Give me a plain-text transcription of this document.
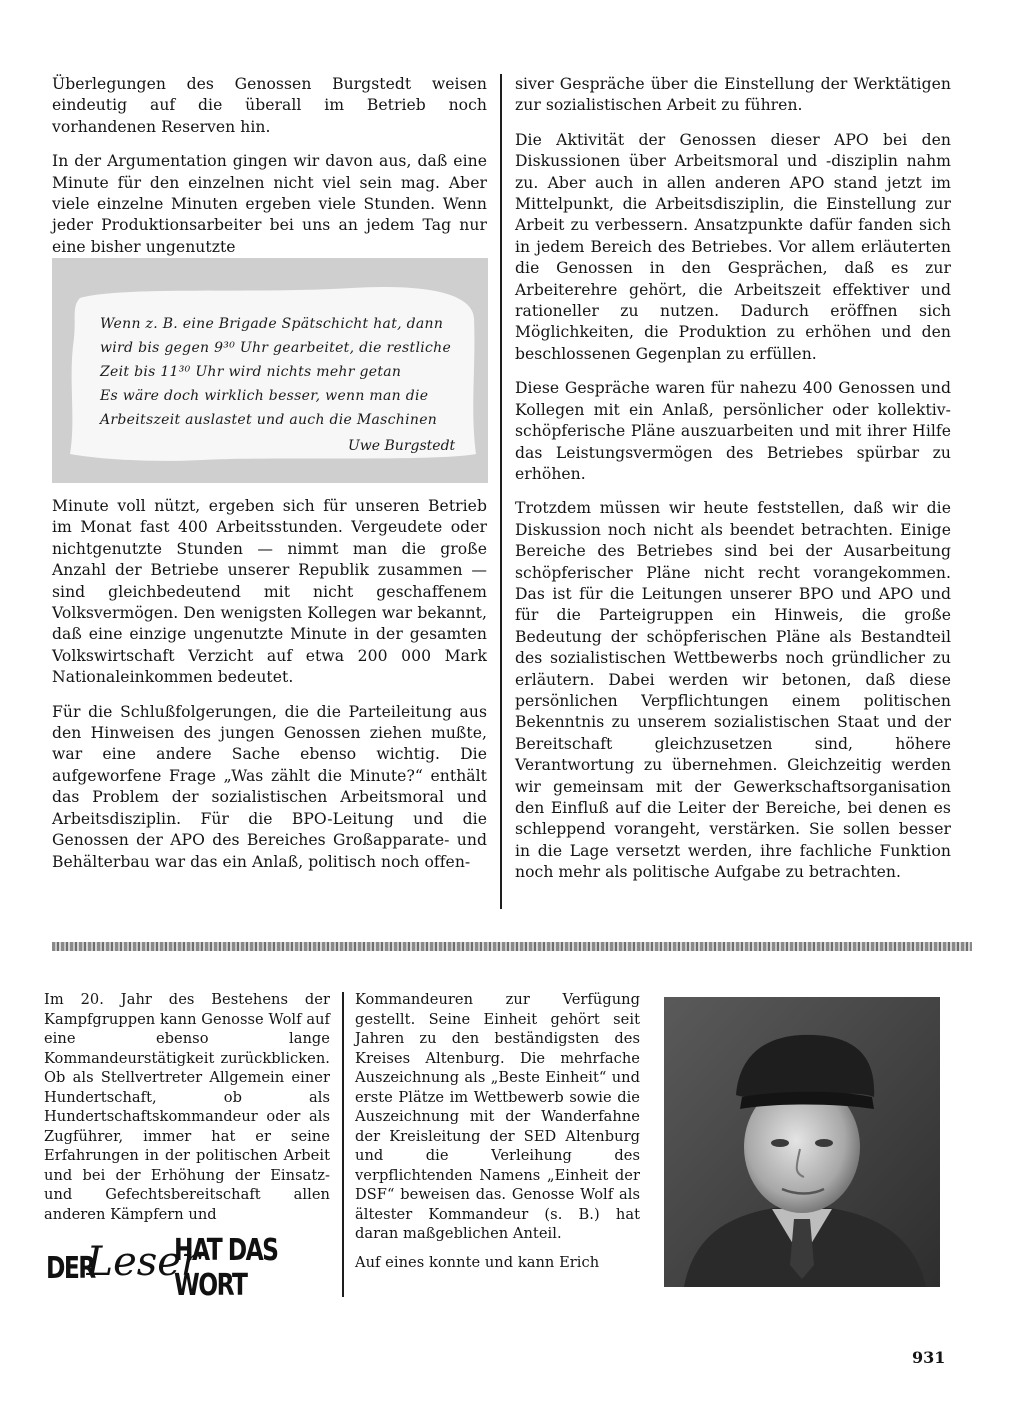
Überlegungen des Genossen Burgstedt weisen eindeutig auf die überall im Betrieb noch vorhandenen Reserven hin.

In der Argumentation gingen wir davon aus, daß eine Minute für den einzelnen nicht viel sein mag. Aber viele einzelne Minuten ergeben viele Stunden. Wenn jeder Produktionsarbeiter bei uns an jedem Tag nur eine bisher ungenutzte

Wenn z. B. eine Brigade Spätschicht hat, dann
wird bis gegen 9³⁰ Uhr gearbeitet, die restliche
Zeit bis 11³⁰ Uhr wird nichts mehr getan
Es wäre doch wirklich besser, wenn man die
Arbeitszeit auslastet und auch die Maschinen
Uwe Burgstedt

Minute voll nützt, ergeben sich für unseren Betrieb im Monat fast 400 Arbeitsstunden. Vergeudete oder nichtgenutzte Stunden — nimmt man die große Anzahl der Betriebe unserer Republik zusammen — sind gleichbedeutend mit nicht geschaffenem Volksvermögen. Den wenigsten Kollegen war bekannt, daß eine einzige ungenutzte Minute in der gesamten Volkswirtschaft Verzicht auf etwa 200 000 Mark Nationaleinkommen bedeutet.

Für die Schlußfolgerungen, die die Parteileitung aus den Hinweisen des jungen Genossen ziehen mußte, war eine andere Sache ebenso wichtig. Die aufgeworfene Frage „Was zählt die Minute?“ enthält das Problem der sozialistischen Arbeitsmoral und Arbeitsdisziplin. Für die BPO-Leitung und die Genossen der APO des Bereiches Großapparate- und Behälterbau war das ein Anlaß, politisch noch offen-

siver Gespräche über die Einstellung der Werktätigen zur sozialistischen Arbeit zu führen.

Die Aktivität der Genossen dieser APO bei den Diskussionen über Arbeitsmoral und -disziplin nahm zu. Aber auch in allen anderen APO stand jetzt im Mittelpunkt, die Arbeitsdisziplin, die Einstellung zur Arbeit zu verbessern. Ansatzpunkte dafür fanden sich in jedem Bereich des Betriebes. Vor allem erläuterten die Genossen in den Gesprächen, daß es zur Arbeiterehre gehört, die Arbeitszeit effektiver und rationeller zu nutzen. Dadurch eröffnen sich Möglichkeiten, die Produktion zu erhöhen und den beschlossenen Gegenplan zu erfüllen.

Diese Gespräche waren für nahezu 400 Genossen und Kollegen mit ein Anlaß, persönlicher oder kollektiv-schöpferische Pläne auszuarbeiten und mit ihrer Hilfe das Leistungsvermögen des Betriebes spürbar zu erhöhen.

Trotzdem müssen wir heute feststellen, daß wir die Diskussion noch nicht als beendet betrachten. Einige Bereiche des Betriebes sind bei der Ausarbeitung schöpferischer Pläne nicht recht vorangekommen. Das ist für die Leitungen unserer BPO und APO und für die Parteigruppen ein Hinweis, die große Bedeutung der schöpferischen Pläne als Bestandteil des sozialistischen Wettbewerbs noch gründlicher zu erläutern. Dabei werden wir betonen, daß diese persönlichen Verpflichtungen einem politischen Bekenntnis zu unserem sozialistischen Staat und der Bereitschaft gleichzusetzen sind, höhere Verantwortung zu übernehmen. Gleichzeitig werden wir gemeinsam mit der Gewerkschaftsorganisation den Einfluß auf die Leiter der Bereiche, bei denen es schleppend vorangeht, verstärken. Sie sollen besser in die Lage versetzt werden, ihre fachliche Funktion noch mehr als politische Aufgabe zu betrachten.

Im 20. Jahr des Bestehens der Kampfgruppen kann Genosse Wolf auf eine ebenso lange Kommandeurstätigkeit zurückblicken. Ob als Stellvertreter Allgemein einer Hundertschaft, ob als Hundertschaftskommandeur oder als Zugführer, immer hat er seine Erfahrungen in der politischen Arbeit und bei der Erhöhung der Einsatz- und Gefechtsbereitschaft allen anderen Kämpfern und

Kommandeuren zur Verfügung gestellt. Seine Einheit gehört seit Jahren zu den beständigsten des Kreises Altenburg. Die mehrfache Auszeichnung als „Beste Einheit“ und erste Plätze im Wettbewerb sowie die Auszeichnung mit der Wanderfahne der Kreisleitung der SED Altenburg und die Verleihung des verpflichtenden Namens „Einheit der DSF“ beweisen das. Genosse Wolf als ältester Kommandeur (s. B.) hat daran maßgeblichen Anteil.

Auf eines konnte und kann Erich

DER
Leser
HAT DAS WORT
931
